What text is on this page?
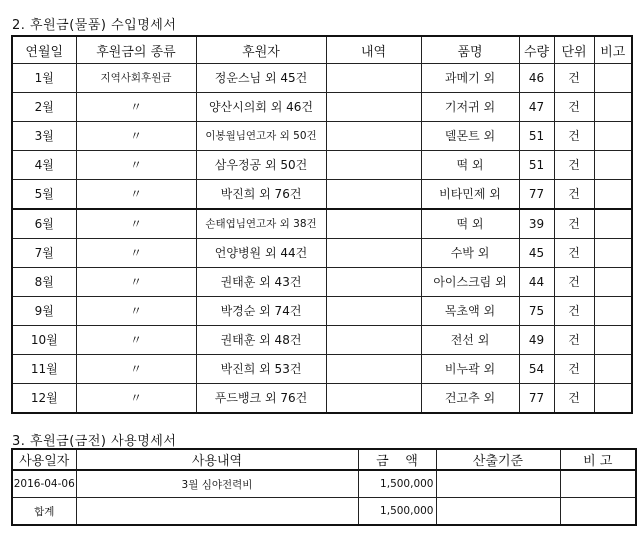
2. 후원금(물품) 수입명세서
연월일	후원금의 종류	후원자	내역	품명	수량	단위	비고
1월	지역사회후원금	정운스님 외 45건		과메기 외	46	건	
2월	〃	양산시의회 외 46건		기저귀 외	47	건	
3월	〃	이봉월님연고자 외 50건		델몬트 외	51	건	
4월	〃	삼우정공 외 50건		떡 외	51	건	
5월	〃	박진희 외 76건		비타민제 외	77	건	
6월	〃	손태엽님연고자 외 38건		떡 외	39	건	
7월	〃	언양병원 외 44건		수박 외	45	건	
8월	〃	권태훈 외 43건		아이스크림 외	44	건	
9월	〃	박경순 외 74건		목초액 외	75	건	
10월	〃	권태훈 외 48건		전선 외	49	건	
11월	〃	박진희 외 53건		비누곽 외	54	건	
12월	〃	푸드뱅크 외 76건		건고추 외	77	건	
3. 후원금(금전) 사용명세서
사용일자	사용내역	금    액	산출기준	비 고
2016-04-06	3월 심야전력비	1,500,000		
합계		1,500,000		
